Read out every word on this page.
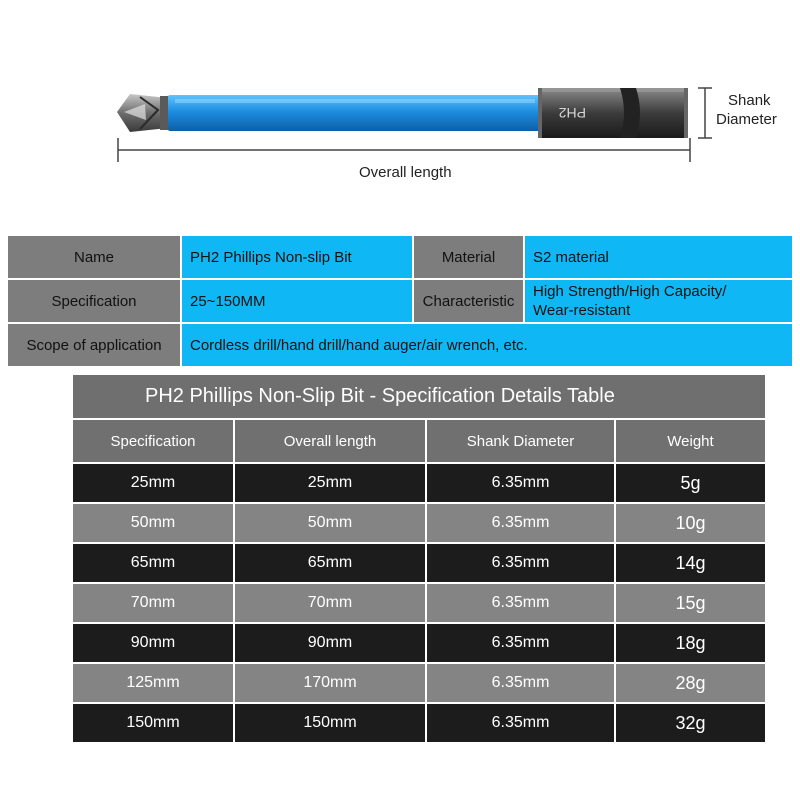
PH2
Overall length
Shank
Diameter
Name	PH2 Phillips Non-slip Bit	Material	S2 material
Specification	25~150MM	Characteristic
High Strength/High Capacity/
Wear-resistant
Scope of application	Cordless drill/hand drill/hand auger/air wrench, etc.
PH2 Phillips Non-Slip Bit - Specification Details Table
Specification	Overall length	Shank Diameter	Weight
25mm	25mm	6.35mm	5g
50mm	50mm	6.35mm	10g
65mm	65mm	6.35mm	14g
70mm	70mm	6.35mm	15g
90mm	90mm	6.35mm	18g
125mm	170mm	6.35mm	28g
150mm	150mm	6.35mm	32g
